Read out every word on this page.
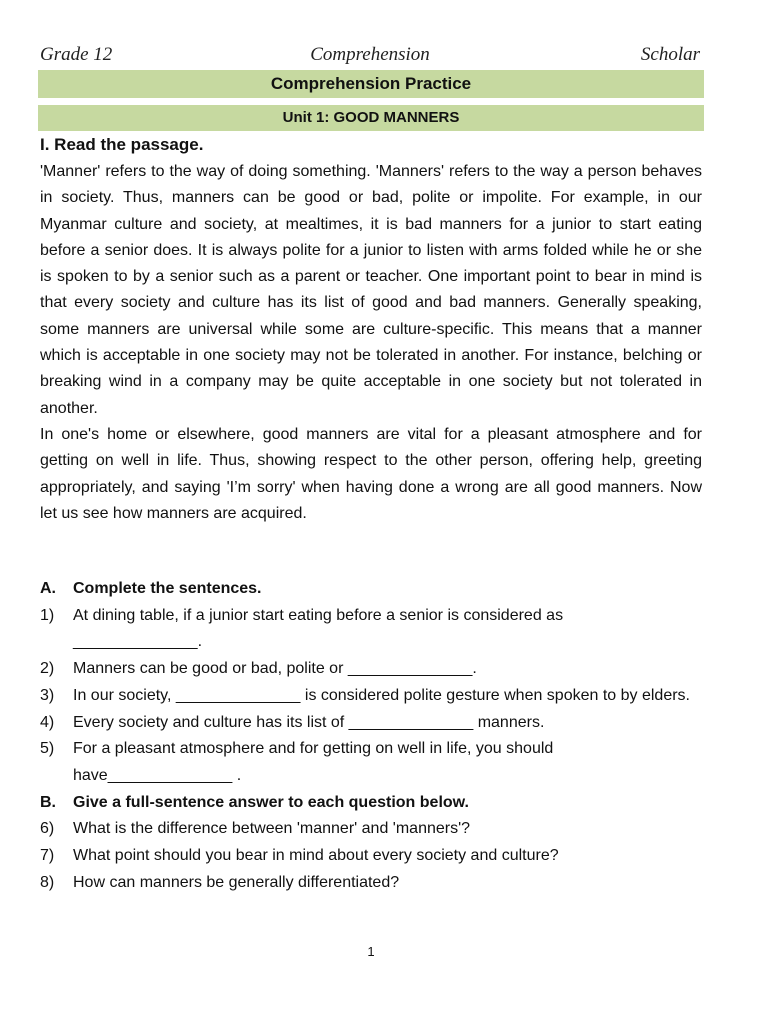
Comprehension
Grade 12	Scholar
Comprehension Practice
Unit 1: GOOD MANNERS
I. Read the passage.

'Manner' refers to the way of doing something. 'Manners' refers to the way a person behaves in society. Thus, manners can be good or bad, polite or impolite. For example, in our Myanmar culture and society, at mealtimes, it is bad manners for a junior to start eating before a senior does. It is always polite for a junior to listen with arms folded while he or she is spoken to by a senior such as a parent or teacher. One important point to bear in mind is that every society and culture has its list of good and bad manners. Generally speaking, some manners are universal while some are culture-specific. This means that a manner which is acceptable in one society may not be tolerated in another. For instance, belching or breaking wind in a company may be quite acceptable in one society but not tolerated in another.

In one's home or elsewhere, good manners are vital for a pleasant atmosphere and for getting on well in life. Thus, showing respect to the other person, offering help, greeting appropriately, and saying 'I’m sorry' when having done a wrong are all good manners. Now let us see how manners are acquired.

A.	Complete the sentences.
1)	At dining table, if a junior start eating before a senior is considered as
______________.
2)	Manners can be good or bad, polite or ______________.
3)	In our society, ______________ is considered polite gesture when spoken to by elders.
4)	Every society and culture has its list of ______________ manners.
5)	For a pleasant atmosphere and for getting on well in life, you should
have______________ .
B.	Give a full-sentence answer to each question below.
6)	What is the difference between 'manner' and 'manners'?
7)	What point should you bear in mind about every society and culture?
8)	How can manners be generally differentiated?
1
